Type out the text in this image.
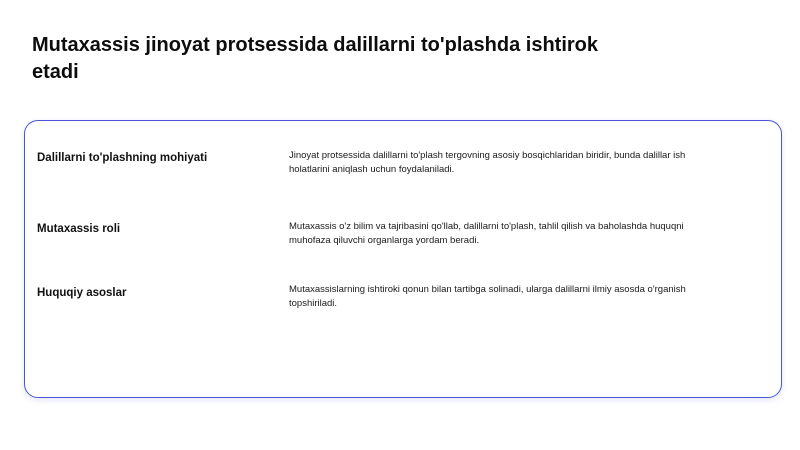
Mutaxassis jinoyat protsessida dalillarni to'plashda ishtirok etadi
Dalillarni to'plashning mohiyati	Jinoyat protsessida dalillarni to'plash tergovning asosiy bosqichlaridan biridir, bunda dalillar ish holatlarini aniqlash uchun foydalaniladi.
Mutaxassis roli	Mutaxassis o'z bilim va tajribasini qo'llab, dalillarni to'plash, tahlil qilish va baholashda huquqni muhofaza qiluvchi organlarga yordam beradi.
Huquqiy asoslar	Mutaxassislarning ishtiroki qonun bilan tartibga solinadi, ularga dalillarni ilmiy asosda o'rganish topshiriladi.
